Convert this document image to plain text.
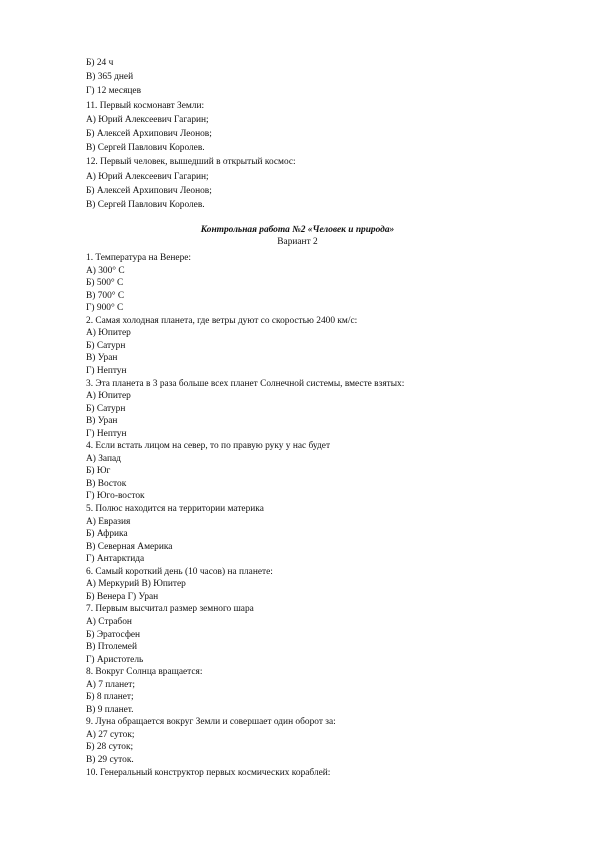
Б) 24 ч
В) 365 дней
Г) 12 месяцев
11. Первый космонавт Земли:
А) Юрий Алексеевич Гагарин;
Б) Алексей Архипович Леонов;
В) Сергей Павлович Королев.
12. Первый человек, вышедший в открытый космос:
А) Юрий Алексеевич Гагарин;
Б) Алексей Архипович Леонов;
В) Сергей Павлович Королев.
Контрольная работа №2 «Человек и природа»
Вариант 2
1. Температура на Венере:
А) 300° С
Б) 500° С
В) 700° С
Г) 900° С
2. Самая холодная планета, где ветры дуют со скоростью 2400 км/с:
А) Юпитер
Б) Сатурн
В) Уран
Г) Нептун
3. Эта планета в 3 раза больше всех планет Солнечной системы, вместе взятых:
А) Юпитер
Б) Сатурн
В) Уран
Г) Нептун
4. Если встать лицом на север, то по правую руку у нас будет
А) Запад
Б) Юг
В) Восток
Г) Юго-восток
5. Полюс находится на территории материка
А) Евразия
Б) Африка
В) Северная Америка
Г) Антарктида
6. Самый короткий день (10 часов) на планете:
А) Меркурий В) Юпитер
Б) Венера Г) Уран
7. Первым высчитал размер земного шара
А) Страбон
Б) Эратосфен
В) Птолемей
Г) Аристотель
8. Вокруг Солнца вращается:
А) 7 планет;
Б) 8 планет;
В) 9 планет.
9. Луна обращается вокруг Земли и совершает один оборот за:
А) 27 суток;
Б) 28 суток;
В) 29 суток.
10. Генеральный конструктор первых космических кораблей:
